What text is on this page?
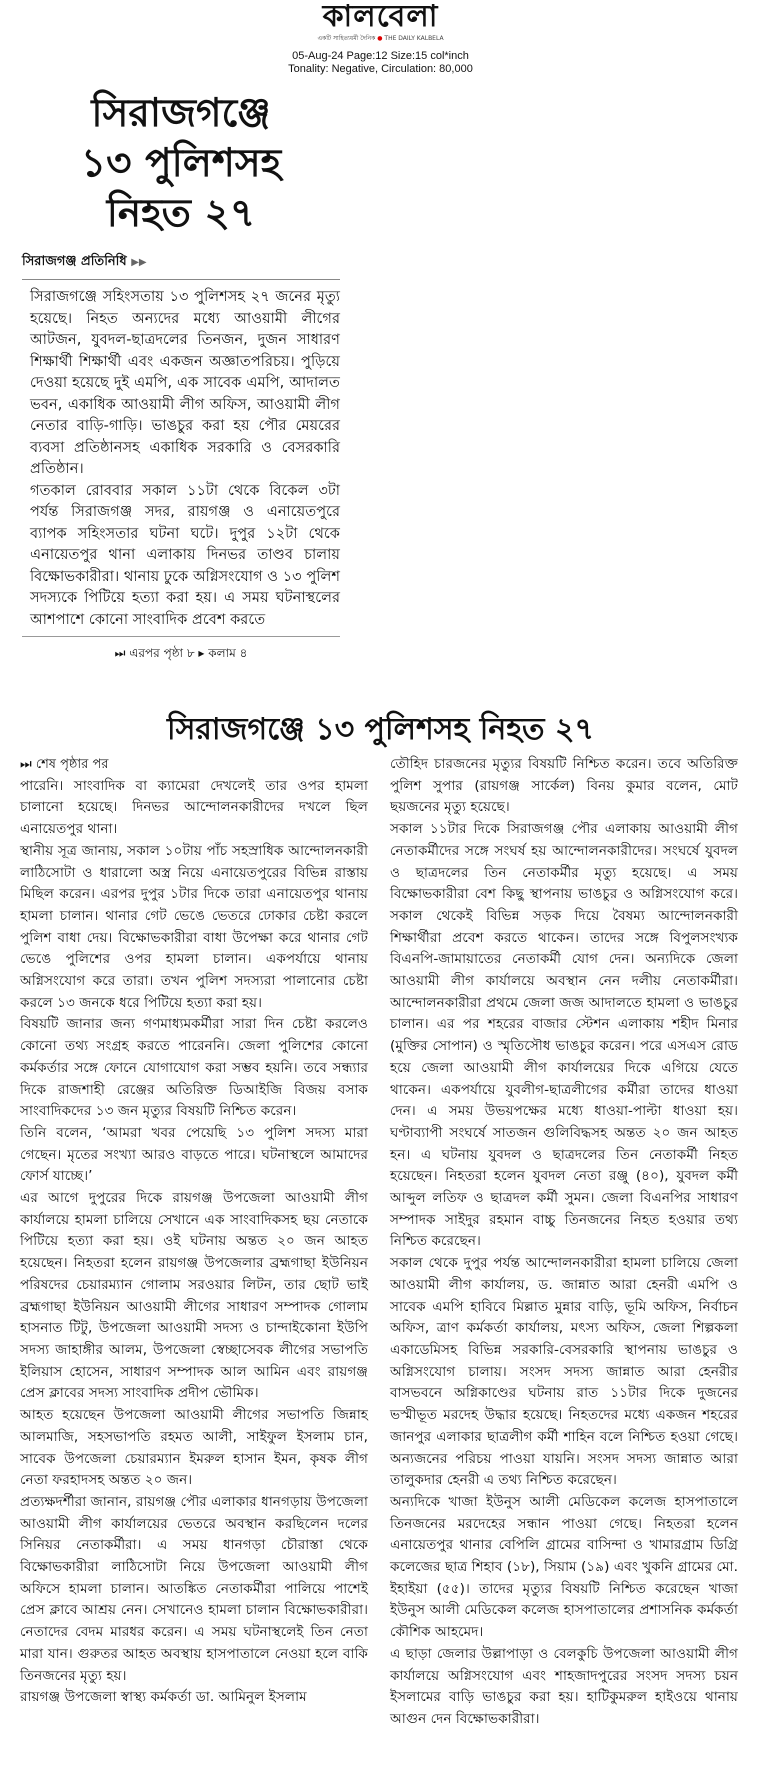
কালবেলা
একটি সাহিত্যধর্মী দৈনিক ● THE DAILY KALBELA
05-Aug-24 Page:12 Size:15 col*inch
Tonality: Negative, Circulation: 80,000
সিরাজগঞ্জে
১৩ পুলিশসহ
নিহত ২৭
সিরাজগঞ্জ প্রতিনিধি ▶▶
সিরাজগঞ্জে সহিংসতায় ১৩ পুলিশসহ ২৭ জনের মৃত্যু হয়েছে। নিহত অন্যদের মধ্যে আওয়ামী লীগের আটজন, যুবদল-ছাত্রদলের তিনজন, দুজন সাধারণ শিক্ষার্থী শিক্ষার্থী এবং একজন অজ্ঞাতপরিচয়। পুড়িয়ে দেওয়া হয়েছে দুই এমপি, এক সাবেক এমপি, আদালত ভবন, একাধিক আওয়ামী লীগ অফিস, আওয়ামী লীগ নেতার বাড়ি-গাড়ি। ভাঙচুর করা হয় পৌর মেয়রের ব্যবসা প্রতিষ্ঠানসহ একাধিক সরকারি ও বেসরকারি প্রতিষ্ঠান।
গতকাল রোববার সকাল ১১টা থেকে বিকেল ৩টা পর্যন্ত সিরাজগঞ্জ সদর, রায়গঞ্জ ও এনায়েতপুরে ব্যাপক সহিংসতার ঘটনা ঘটে। দুপুর ১২টা থেকে এনায়েতপুর থানা এলাকায় দিনভর তাণ্ডব চালায় বিক্ষোভকারীরা। থানায় ঢুকে অগ্নিসংযোগ ও ১৩ পুলিশ সদস্যকে পিটিয়ে হত্যা করা হয়। এ সময় ঘটনাস্থলের আশপাশে কোনো সাংবাদিক প্রবেশ করতে
⏭ এরপর পৃষ্ঠা ৮ ▸ কলাম ৪
সিরাজগঞ্জে ১৩ পুলিশসহ নিহত ২৭

⏭ শেষ পৃষ্ঠার পর

পারেনি। সাংবাদিক বা ক্যামেরা দেখলেই তার ওপর হামলা চালানো হয়েছে। দিনভর আন্দোলনকারীদের দখলে ছিল এনায়েতপুর থানা।

স্থানীয় সূত্র জানায়, সকাল ১০টায় পাঁচ সহস্রাধিক আন্দোলনকারী লাঠিসোটা ও ধারালো অস্ত্র নিয়ে এনায়েতপুরের বিভিন্ন রাস্তায় মিছিল করেন। এরপর দুপুর ১টার দিকে তারা এনায়েতপুর থানায় হামলা চালান। থানার গেট ভেঙে ভেতরে ঢোকার চেষ্টা করলে পুলিশ বাধা দেয়। বিক্ষোভকারীরা বাধা উপেক্ষা করে থানার গেট ভেঙে পুলিশের ওপর হামলা চালান। একপর্যায়ে থানায় অগ্নিসংযোগ করে তারা। তখন পুলিশ সদস্যরা পালানোর চেষ্টা করলে ১৩ জনকে ধরে পিটিয়ে হত্যা করা হয়।

বিষয়টি জানার জন্য গণমাধ্যমকর্মীরা সারা দিন চেষ্টা করলেও কোনো তথ্য সংগ্রহ করতে পারেননি। জেলা পুলিশের কোনো কর্মকর্তার সঙ্গে ফোনে যোগাযোগ করা সম্ভব হয়নি। তবে সন্ধ্যার দিকে রাজশাহী রেঞ্জের অতিরিক্ত ডিআইজি বিজয় বসাক সাংবাদিকদের ১৩ জন মৃত্যুর বিষয়টি নিশ্চিত করেন।

তিনি বলেন, ‘আমরা খবর পেয়েছি ১৩ পুলিশ সদস্য মারা গেছেন। মৃতের সংখ্যা আরও বাড়তে পারে। ঘটনাস্থলে আমাদের ফোর্স যাচ্ছে।’

এর আগে দুপুরের দিকে রায়গঞ্জ উপজেলা আওয়ামী লীগ কার্যালয়ে হামলা চালিয়ে সেখানে এক সাংবাদিকসহ ছয় নেতাকে পিটিয়ে হত্যা করা হয়। ওই ঘটনায় অন্তত ২০ জন আহত হয়েছেন। নিহতরা হলেন রায়গঞ্জ উপজেলার ব্রহ্মগাছা ইউনিয়ন পরিষদের চেয়ারম্যান গোলাম সরওয়ার লিটন, তার ছোট ভাই ব্রহ্মগাছা ইউনিয়ন আওয়ামী লীগের সাধারণ সম্পাদক গোলাম হাসনাত টিটু, উপজেলা আওয়ামী সদস্য ও চান্দাইকোনা ইউপি সদস্য জাহাঙ্গীর আলম, উপজেলা স্বেচ্ছাসেবক লীগের সভাপতি ইলিয়াস হোসেন, সাধারণ সম্পাদক আল আমিন এবং রায়গঞ্জ প্রেস ক্লাবের সদস্য সাংবাদিক প্রদীপ ভৌমিক।

আহত হয়েছেন উপজেলা আওয়ামী লীগের সভাপতি জিন্নাহ আলমাজি, সহসভাপতি রহমত আলী, সাইফুল ইসলাম চান, সাবেক উপজেলা চেয়ারম্যান ইমরুল হাসান ইমন, কৃষক লীগ নেতা ফরহাদসহ অন্তত ২০ জন।

প্রত্যক্ষদর্শীরা জানান, রায়গঞ্জ পৌর এলাকার ধানগড়ায় উপজেলা আওয়ামী লীগ কার্যালয়ের ভেতরে অবস্থান করছিলেন দলের সিনিয়র নেতাকর্মীরা। এ সময় ধানগড়া চৌরাস্তা থেকে বিক্ষোভকারীরা লাঠিসোটা নিয়ে উপজেলা আওয়ামী লীগ অফিসে হামলা চালান। আতঙ্কিত নেতাকর্মীরা পালিয়ে পাশেই প্রেস ক্লাবে আশ্রয় নেন। সেখানেও হামলা চালান বিক্ষোভকারীরা। নেতাদের বেদম মারধর করেন। এ সময় ঘটনাস্থলেই তিন নেতা মারা যান। গুরুতর আহত অবস্থায় হাসপাতালে নেওয়া হলে বাকি তিনজনের মৃত্যু হয়।

রায়গঞ্জ উপজেলা স্বাস্থ্য কর্মকর্তা ডা. আমিনুল ইসলাম

তৌহিদ চারজনের মৃত্যুর বিষয়টি নিশ্চিত করেন। তবে অতিরিক্ত পুলিশ সুপার (রায়গঞ্জ সার্কেল) বিনয় কুমার বলেন, মোট ছয়জনের মৃত্যু হয়েছে।

সকাল ১১টার দিকে সিরাজগঞ্জ পৌর এলাকায় আওয়ামী লীগ নেতাকর্মীদের সঙ্গে সংঘর্ষ হয় আন্দোলনকারীদের। সংঘর্ষে যুবদল ও ছাত্রদলের তিন নেতাকর্মীর মৃত্যু হয়েছে। এ সময় বিক্ষোভকারীরা বেশ কিছু স্থাপনায় ভাঙচুর ও অগ্নিসংযোগ করে। সকাল থেকেই বিভিন্ন সড়ক দিয়ে বৈষম্য আন্দোলনকারী শিক্ষার্থীরা প্রবেশ করতে থাকেন। তাদের সঙ্গে বিপুলসংখ্যক বিএনপি-জামায়াতের নেতাকর্মী যোগ দেন। অন্যদিকে জেলা আওয়ামী লীগ কার্যালয়ে অবস্থান নেন দলীয় নেতাকর্মীরা। আন্দোলনকারীরা প্রথমে জেলা জজ আদালতে হামলা ও ভাঙচুর চালান। এর পর শহরের বাজার স্টেশন এলাকায় শহীদ মিনার (মুক্তির সোপান) ও স্মৃতিসৌধ ভাঙচুর করেন। পরে এসএস রোড হয়ে জেলা আওয়ামী লীগ কার্যালয়ের দিকে এগিয়ে যেতে থাকেন। একপর্যায়ে যুবলীগ-ছাত্রলীগের কর্মীরা তাদের ধাওয়া দেন। এ সময় উভয়পক্ষের মধ্যে ধাওয়া-পাল্টা ধাওয়া হয়। ঘণ্টাব্যাপী সংঘর্ষে সাতজন গুলিবিদ্ধসহ অন্তত ২০ জন আহত হন। এ ঘটনায় যুবদল ও ছাত্রদলের তিন নেতাকর্মী নিহত হয়েছেন। নিহতরা হলেন যুবদল নেতা রঞ্জু (৪০), যুবদল কর্মী আব্দুল লতিফ ও ছাত্রদল কর্মী সুমন। জেলা বিএনপির সাধারণ সম্পাদক সাইদুর রহমান বাচ্চু তিনজনের নিহত হওয়ার তথ্য নিশ্চিত করেছেন।

সকাল থেকে দুপুর পর্যন্ত আন্দোলনকারীরা হামলা চালিয়ে জেলা আওয়ামী লীগ কার্যালয়, ড. জান্নাত আরা হেনরী এমপি ও সাবেক এমপি হাবিবে মিল্লাত মুন্নার বাড়ি, ভূমি অফিস, নির্বাচন অফিস, ত্রাণ কর্মকর্তা কার্যালয়, মৎস্য অফিস, জেলা শিল্পকলা একাডেমিসহ বিভিন্ন সরকারি-বেসরকারি স্থাপনায় ভাঙচুর ও অগ্নিসংযোগ চালায়। সংসদ সদস্য জান্নাত আরা হেনরীর বাসভবনে অগ্নিকাণ্ডের ঘটনায় রাত ১১টার দিকে দুজনের ভস্মীভূত মরদেহ উদ্ধার হয়েছে। নিহতদের মধ্যে একজন শহরের জানপুর এলাকার ছাত্রলীগ কর্মী শাহিন বলে নিশ্চিত হওয়া গেছে। অন্যজনের পরিচয় পাওয়া যায়নি। সংসদ সদস্য জান্নাত আরা তালুকদার হেনরী এ তথ্য নিশ্চিত করেছেন।

অন্যদিকে খাজা ইউনুস আলী মেডিকেল কলেজ হাসপাতালে তিনজনের মরদেহের সন্ধান পাওয়া গেছে। নিহতরা হলেন এনায়েতপুর থানার বেপিলি গ্রামের বাসিন্দা ও খামারগ্রাম ডিগ্রি কলেজের ছাত্র শিহাব (১৮), সিয়াম (১৯) এবং খুকনি গ্রামের মো. ইহাইয়া (৫৫)। তাদের মৃত্যুর বিষয়টি নিশ্চিত করেছেন খাজা ইউনুস আলী মেডিকেল কলেজ হাসপাতালের প্রশাসনিক কর্মকর্তা কৌশিক আহমেদ।

এ ছাড়া জেলার উল্লাপাড়া ও বেলকুচি উপজেলা আওয়ামী লীগ কার্যালয়ে অগ্নিসংযোগ এবং শাহজাদপুরের সংসদ সদস্য চয়ন ইসলামের বাড়ি ভাঙচুর করা হয়। হাটিকুমরুল হাইওয়ে থানায় আগুন দেন বিক্ষোভকারীরা।
